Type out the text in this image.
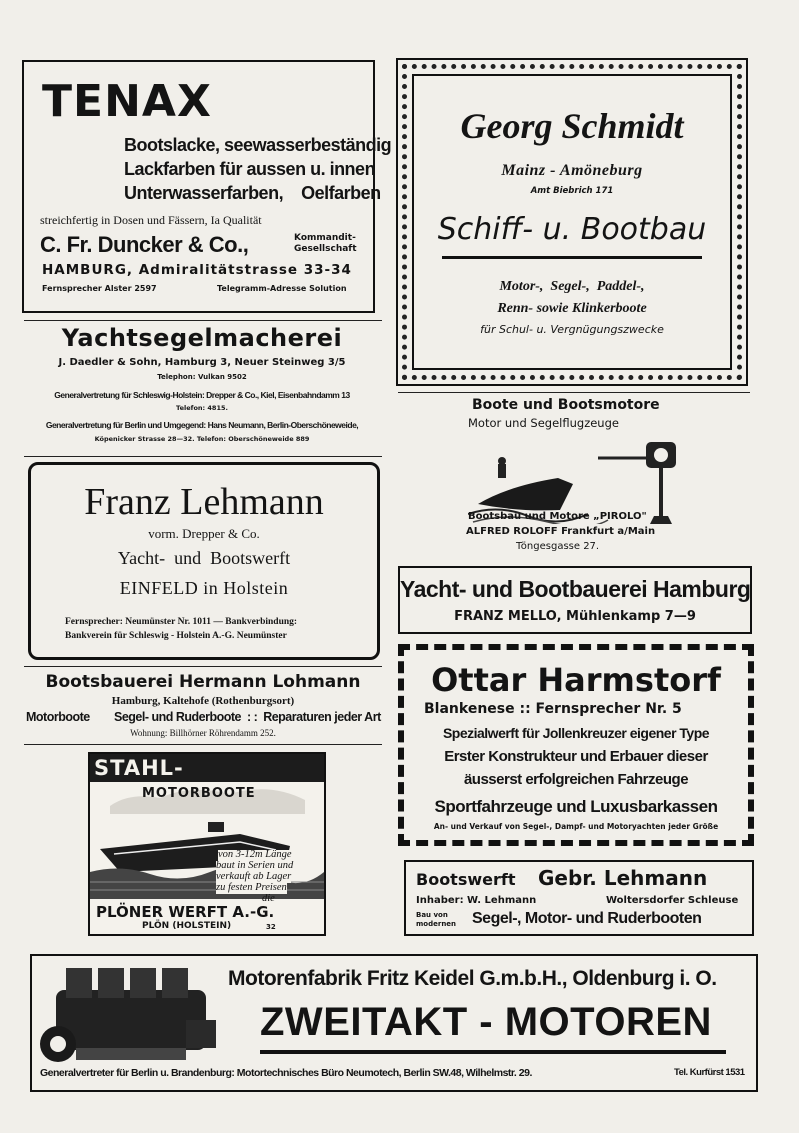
TENAX
Bootslacke, seewasserbeständig
Lackfarben für aussen u. innen
Unterwasserfarben,    Oelfarben
streichfertig in Dosen und Fässern, Ia Qualität
C. Fr. Duncker & Co.,	Kommandit-
Gesellschaft
HAMBURG, Admiralitätstrasse 33-34
Fernsprecher Alster 2597	Telegramm-Adresse Solution
Yachtsegelmacherei
J. Daedler & Sohn, Hamburg 3, Neuer Steinweg 3/5
Telephon: Vulkan 9502
Generalvertretung für Schleswig-Holstein: Drepper & Co., Kiel, Eisenbahndamm 13
Telefon: 4815.
Generalvertretung für Berlin und Umgegend: Hans Neumann, Berlin-Oberschöneweide,
Köpenicker Strasse 28—32. Telefon: Oberschöneweide 889
Franz Lehmann
vorm. Drepper & Co.
Yacht-  und  Bootswerft
EINFELD in Holstein
Fernsprecher: Neumünster Nr. 1011 — Bankverbindung:
Bankverein für Schleswig - Holstein A.-G. Neumünster
Bootsbauerei Hermann Lohmann
Hamburg, Kaltehofe (Rothenburgsort)
Motorboote Segel- und Ruderboote  : :  Reparaturen jeder Art
Wohnung: Billhörner Röhrendamm 252.
STAHL-
MOTORBOOTE
von 3-12m Länge
baut in Serien und
verkauft ab Lager
zu festen Preisen
die
PLÖNER WERFT A.-G.
PLÖN (HOLSTEIN)	32
Georg Schmidt
Mainz - Amöneburg
Amt Biebrich 171
Schiff- u. Bootbau
Motor-,  Segel-,  Paddel-,
Renn- sowie Klinkerboote
für Schul- u. Vergnügungszwecke
Boote und Bootsmotore
Motor und Segelflugzeuge
Bootsbau und Motore „PIROLO"
ALFRED ROLOFF Frankfurt a/Main
Töngesgasse 27.
Yacht- und Bootbauerei Hamburg
FRANZ MELLO, Mühlenkamp 7—9
Ottar Harmstorf
Blankenese :: Fernsprecher Nr. 5
Spezialwerft für Jollenkreuzer eigener Type
Erster Konstrukteur und Erbauer dieser
äusserst erfolgreichen Fahrzeuge
Sportfahrzeuge und Luxusbarkassen
An- und Verkauf von Segel-, Dampf- und Motoryachten jeder Größe
Bootswerft Gebr. Lehmann
Inhaber: W. Lehmann	Woltersdorfer Schleuse
Bau von
modernen Segel-, Motor- und Ruderbooten
Motorenfabrik Fritz Keidel G.m.b.H., Oldenburg i. O.
ZWEITAKT - MOTOREN
Generalvertreter für Berlin u. Brandenburg: Motortechnisches Büro Neumotech, Berlin SW.48, Wilhelmstr. 29.	Tel. Kurfürst 1531
